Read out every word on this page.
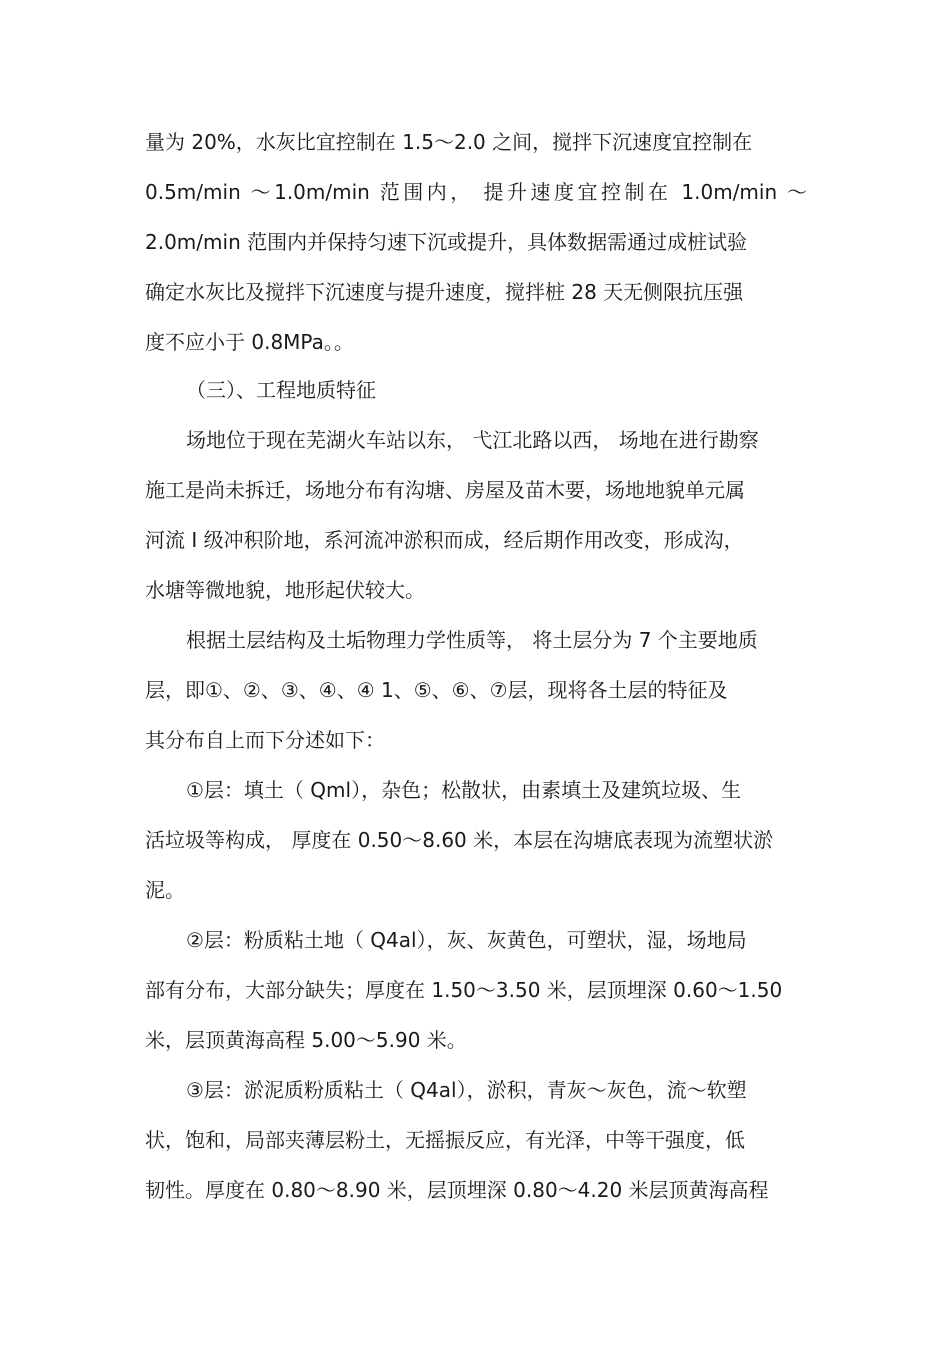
量为 20%，水灰比宜控制在 1.5～2.0 之间，搅拌下沉速度宜控制在
0.5m/min ～1.0m/min 范围内， 提升速度宜控制在 1.0m/min ～
2.0m/min 范围内并保持匀速下沉或提升，具体数据需通过成桩试验
确定水灰比及搅拌下沉速度与提升速度，搅拌桩 28 天无侧限抗压强
度不应小于 0.8MPa。。
（三）、工程地质特征
场地位于现在芜湖火车站以东， 弋江北路以西， 场地在进行勘察
施工是尚未拆迁，场地分布有沟塘、房屋及苗木要，场地地貌单元属
河流 I 级冲积阶地，系河流冲淤积而成，经后期作用改变，形成沟，
水塘等微地貌，地形起伏较大。
根据土层结构及土垢物理力学性质等， 将土层分为 7 个主要地质
层，即①、②、③、④、④ 1、⑤、⑥、⑦层，现将各土层的特征及
其分布自上而下分述如下：
①层：填土（ Qml），杂色；松散状，由素填土及建筑垃圾、生
活垃圾等构成， 厚度在 0.50～8.60 米，本层在沟塘底表现为流塑状淤
泥。
②层：粉质粘土地（ Q4al），灰、灰黄色，可塑状，湿，场地局
部有分布，大部分缺失；厚度在 1.50～3.50 米，层顶埋深 0.60～1.50
米，层顶黄海高程 5.00～5.90 米。
③层：淤泥质粉质粘土（ Q4al），淤积，青灰～灰色，流～软塑
状，饱和，局部夹薄层粉土，无摇振反应，有光泽，中等干强度，低
韧性。厚度在 0.80～8.90 米，层顶埋深 0.80～4.20 米层顶黄海高程
